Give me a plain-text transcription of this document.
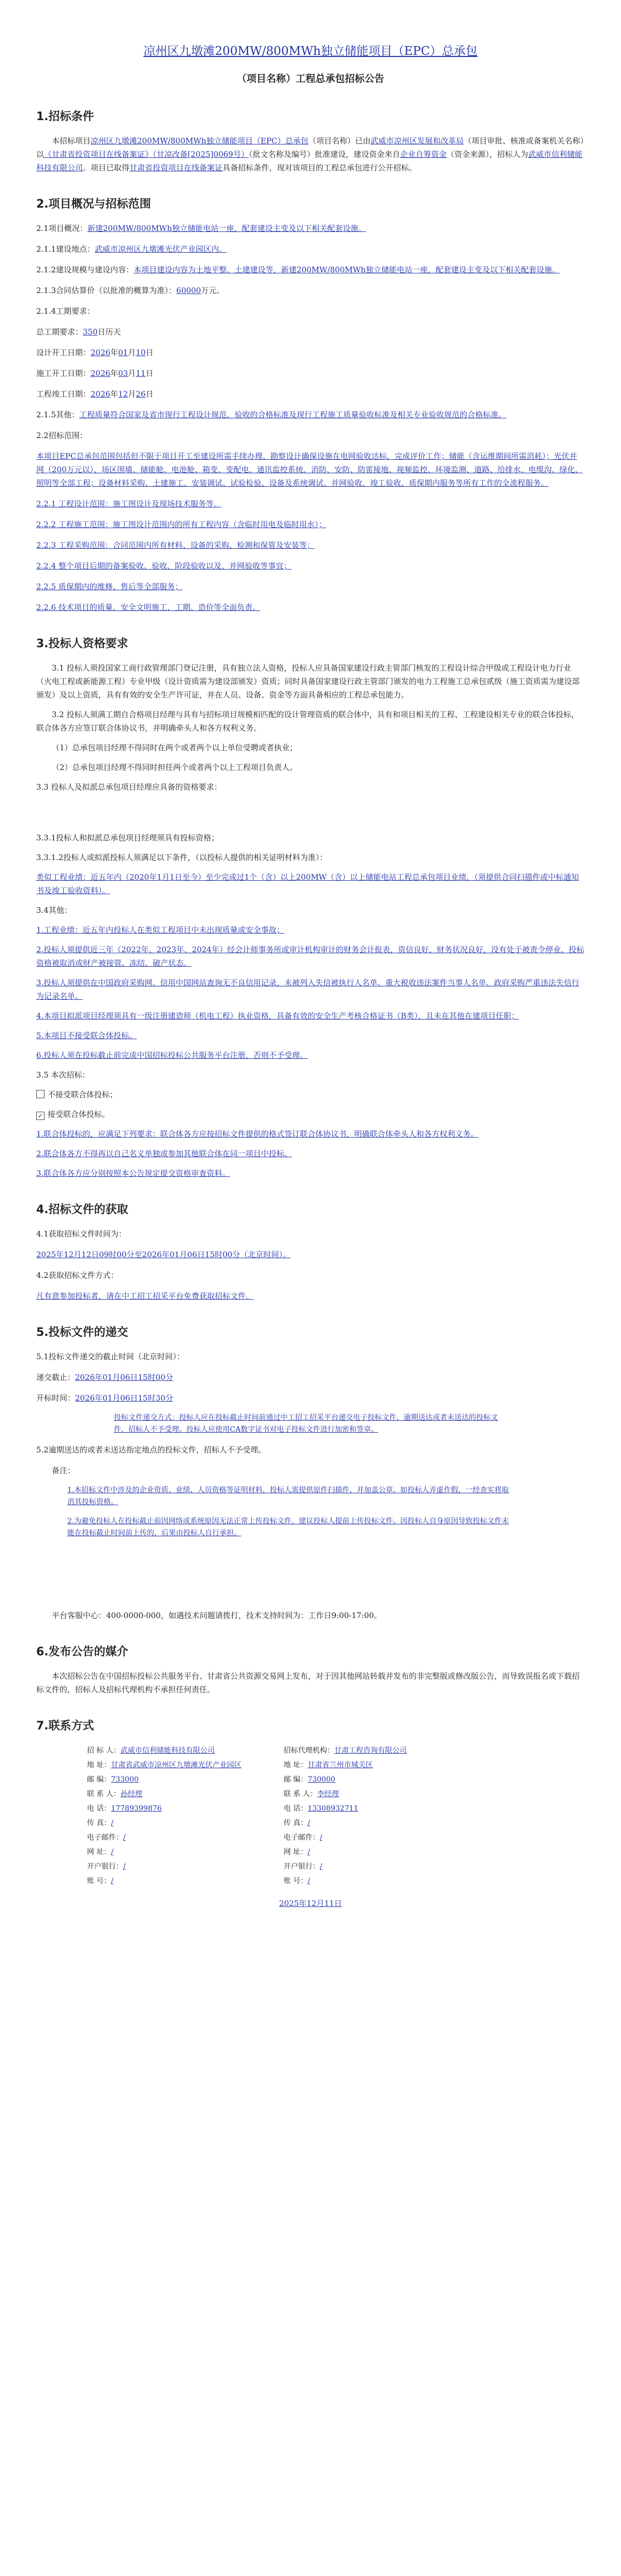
凉州区九墩滩200MW/800MWh独立储能项目（EPC）总承包
（项目名称）工程总承包招标公告
1.招标条件

本招标项目凉州区九墩滩200MW/800MWh独立储能项目（EPC）总承包（项目名称）已由武威市凉州区发展和改革局（项目审批、核准或备案机关名称）以《甘肃省投资项目在线备案证》（甘凉改备[2025]0069号）（批文名称及编号）批准建设，建设资金来自企业自筹资金（资金来源），招标人为武威市信利储能科技有限公司。项目已取得甘肃省投资项目在线备案证具备招标条件，现对该项目的工程总承包进行公开招标。

2.项目概况与招标范围

2.1项目概况：新建200MW/800MWh独立储能电站一座，配套建设主变及以下相关配套设施。

2.1.1建设地点：武威市凉州区九墩滩光伏产业园区内。

2.1.2建设规模与建设内容：本项目建设内容为土地平整、土建建设等，新建200MW/800MWh独立储能电站一座，配套建设主变及以下相关配套设施。

2.1.3合同估算价（以批准的概算为准）：60000万元。

2.1.4工期要求：

总工期要求：350日历天

设计开工日期：2026年01月10日

施工开工日期：2026年03月11日

工程竣工日期：2026年12月26日

2.1.5其他：工程质量符合国家及省市现行工程设计规范、验收的合格标准及现行工程施工质量验收标准及相关专业验收规范的合格标准。

2.2招标范围：

本项目EPC总承包范围包括但不限于项目开工至建设所需手续办理、勘察设计确保设施在电网验收达标，完成评价工作；储能（含运维期间所需消耗）；光伏并网（200万元以）、场区围墙、储能舱、电池舱、箱变、变配电、通讯监控系统、消防、安防、防雷接地、视频监控、环境监测、道路、给排水、电缆沟、绿化、照明等全部工程；设备材料采购、土建施工、安装调试、试验检验、设备及系统调试、并网验收、竣工验收、质保期内服务等所有工作的全流程服务。

2.2.1 工程设计范围：施工图设计及现场技术服务等。

2.2.2 工程施工范围：施工图设计范围内的所有工程内容（含临时用电及临时用水）；

2.2.3 工程采购范围：合同范围内所有材料、设备的采购、检测和保管及安装等；

2.2.4 整个项目后期的备案验收、验收、阶段验收以及、并网验收等事宜；

2.2.5 质保期内的维修、售后等全部服务；

2.2.6 技术项目的质量、安全文明施工、工期、造价等全面负责。

3.投标人资格要求

3.1 投标人须投国家工商行政管理部门登记注册，具有独立法人资格，投标人应具备国家建设行政主管部门核发的工程设计综合甲级或工程设计电力行业（火电工程或新能源工程）专业甲级（设计资质需为建设部颁发）资质；同时具备国家建设行政主管部门颁发的电力工程施工总承包贰级（施工资质需为建设部颁发）及以上资质，具有有效的安全生产许可证，并在人员、设备、资金等方面具备相应的工程总承包能力。

3.2 投标人须满工期自合格项目经理与具有与招标项目规模相匹配的设计管理资质的联合体中，具有和项目相关的工程、工程建设相关专业的联合体投标，联合体各方应签订联合体协议书，并明确牵头人和各方权利义务。

（1）总承包项目经理不得同时在两个或者两个以上单位受聘或者执业；

（2）总承包项目经理不得同时担任两个或者两个以上工程项目负责人。

3.3 投标人及拟派总承包项目经理应具备的资格要求：

3.3.1投标人和拟派总承包项目经理须具有投标资格；

3.3.1.2投标人或拟派投标人须满足以下条件，（以投标人提供的相关证明材料为准）：

类似工程业绩：近五年内（2020年1月1日至今）至少完成过1个（含）以上200MW（含）以上储能电站工程总承包项目业绩，（须提供合同扫描件或中标通知书及竣工验收资料）。

3.4其他：

1.工程业绩：近五年内投标人在类似工程项目中未出现质量或安全事故；

2.投标人须提供近三年（2022年、2023年、2024年）经会计师事务所或审计机构审计的财务会计报表，资信良好，财务状况良好，没有处于被责令停业、投标资格被取消或财产被接管、冻结、破产状态。

3.投标人须提供在中国政府采购网、信用中国网站查询无不良信用记录，未被列入失信被执行人名单、重大税收违法案件当事人名单、政府采购严重违法失信行为记录名单。

4.本项目拟派项目经理须具有一级注册建造师（机电工程）执业资格，具备有效的安全生产考核合格证书（B类），且未在其他在建项目任职；

5.本项目不接受联合体投标。

6.投标人须在投标截止前完成中国招标投标公共服务平台注册，否则不予受理。

3.5 本次招标：

不接受联合体投标；

✓ 接受联合体投标。

1.联合体投标的，应满足下列要求：联合体各方应按招标文件提供的格式签订联合体协议书，明确联合体牵头人和各方权利义务。

2.联合体各方不得再以自己名义单独或参加其他联合体在同一项目中投标。

3.联合体各方应分别按照本公告规定提交资格审查资料。

4.招标文件的获取

4.1获取招标文件时间为：

2025年12月12日09时00分至2026年01月06日15时00分（北京时间）。

4.2获取招标文件方式：

凡有意参加投标者，请在中工招工招采平台免费获取招标文件。

5.投标文件的递交

5.1投标文件递交的截止时间（北京时间）：

递交截止：2026年01月06日15时00分

开标时间：2026年01月06日15时30分

投标文件递交方式：投标人应在投标截止时间前通过中工招工招采平台递交电子投标文件，逾期送达或者未送达的投标文件，招标人不予受理。投标人应使用CA数字证书对电子投标文件进行加密和签章。

5.2逾期送达的或者未送达指定地点的投标文件，招标人不予受理。

备注：

1.本招标文件中涉及的企业资质、业绩、人员资格等证明材料，投标人需提供原件扫描件，并加盖公章。如投标人弄虚作假，一经查实将取消其投标资格。

2.为避免投标人在投标截止前因网络或系统原因无法正常上传投标文件，建议投标人提前上传投标文件。因投标人自身原因导致投标文件未能在投标截止时间前上传的，后果由投标人自行承担。

平台客服中心：400-0000-000，如遇技术问题请拨打，技术支持时间为：工作日9:00-17:00。

6.发布公告的媒介

本次招标公告在中国招标投标公共服务平台、甘肃省公共资源交易网上发布，对于因其他网站转载并发布的非完整版或修改版公告，而导致误报名或下载招标文件的，招标人及招标代理机构不承担任何责任。

7.联系方式
招 标 人：武威市信利储能科技有限公司	招标代理机构：甘肃工程咨询有限公司
地 址：甘肃省武威市凉州区九墩滩光伏产业园区	地 址：甘肃省兰州市城关区
邮 编：733000	邮 编：730000
联 系 人：孙经理	联 系 人：李经理
电 话：17789399876	电 话：13308932711
传 真：/	传 真：/
电子邮件：/	电子邮件：/
网 址：/	网 址：/
开户银行：/	开户银行：/
账 号：/	账 号：/
2025年12月11日
